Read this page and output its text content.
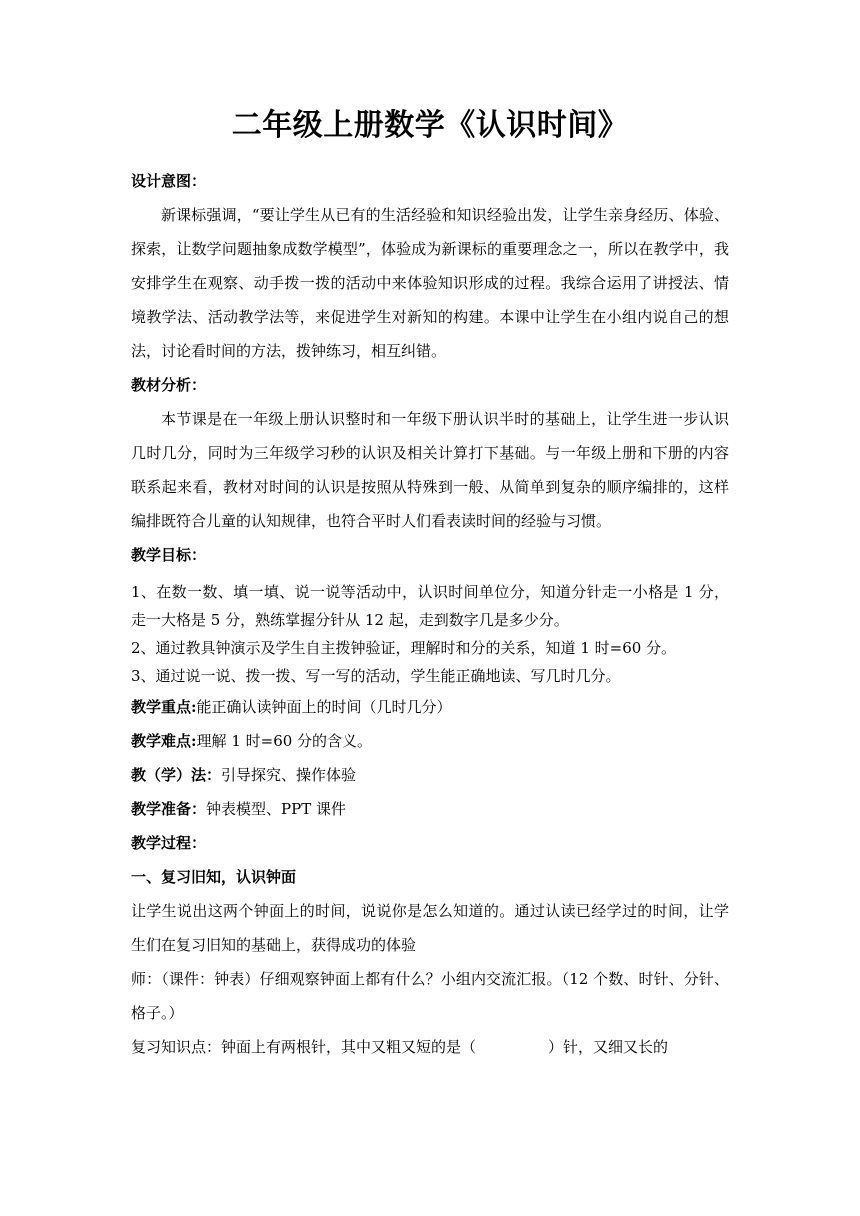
二年级上册数学《认识时间》

设计意图：

新课标强调，“要让学生从已有的生活经验和知识经验出发，让学生亲身经历、体验、探索，让数学问题抽象成数学模型”，体验成为新课标的重要理念之一，所以在教学中，我安排学生在观察、动手拨一拨的活动中来体验知识形成的过程。我综合运用了讲授法、情境教学法、活动教学法等，来促进学生对新知的构建。本课中让学生在小组内说自己的想法，讨论看时间的方法，拨钟练习，相互纠错。

教材分析：

本节课是在一年级上册认识整时和一年级下册认识半时的基础上，让学生进一步认识几时几分，同时为三年级学习秒的认识及相关计算打下基础。与一年级上册和下册的内容联系起来看，教材对时间的认识是按照从特殊到一般、从简单到复杂的顺序编排的，这样编排既符合儿童的认知规律，也符合平时人们看表读时间的经验与习惯。

教学目标：

1、在数一数、填一填、说一说等活动中，认识时间单位分，知道分针走一小格是 1 分，走一大格是 5 分，熟练掌握分针从 12 起，走到数字几是多少分。

2、通过教具钟演示及学生自主拨钟验证，理解时和分的关系，知道 1 时=60 分。

3、通过说一说、拨一拨、写一写的活动，学生能正确地读、写几时几分。

教学重点:能正确认读钟面上的时间（几时几分）

教学难点:理解 1 时=60 分的含义。

教（学）法：引导探究、操作体验

教学准备：钟表模型、PPT 课件

教学过程：

一、复习旧知，认识钟面

让学生说出这两个钟面上的时间，说说你是怎么知道的。通过认读已经学过的时间，让学生们在复习旧知的基础上，获得成功的体验

师：（课件：钟表）仔细观察钟面上都有什么？小组内交流汇报。（12 个数、时针、分针、格子。）

复习知识点：钟面上有两根针，其中又粗又短的是（	）针，又细又长的
